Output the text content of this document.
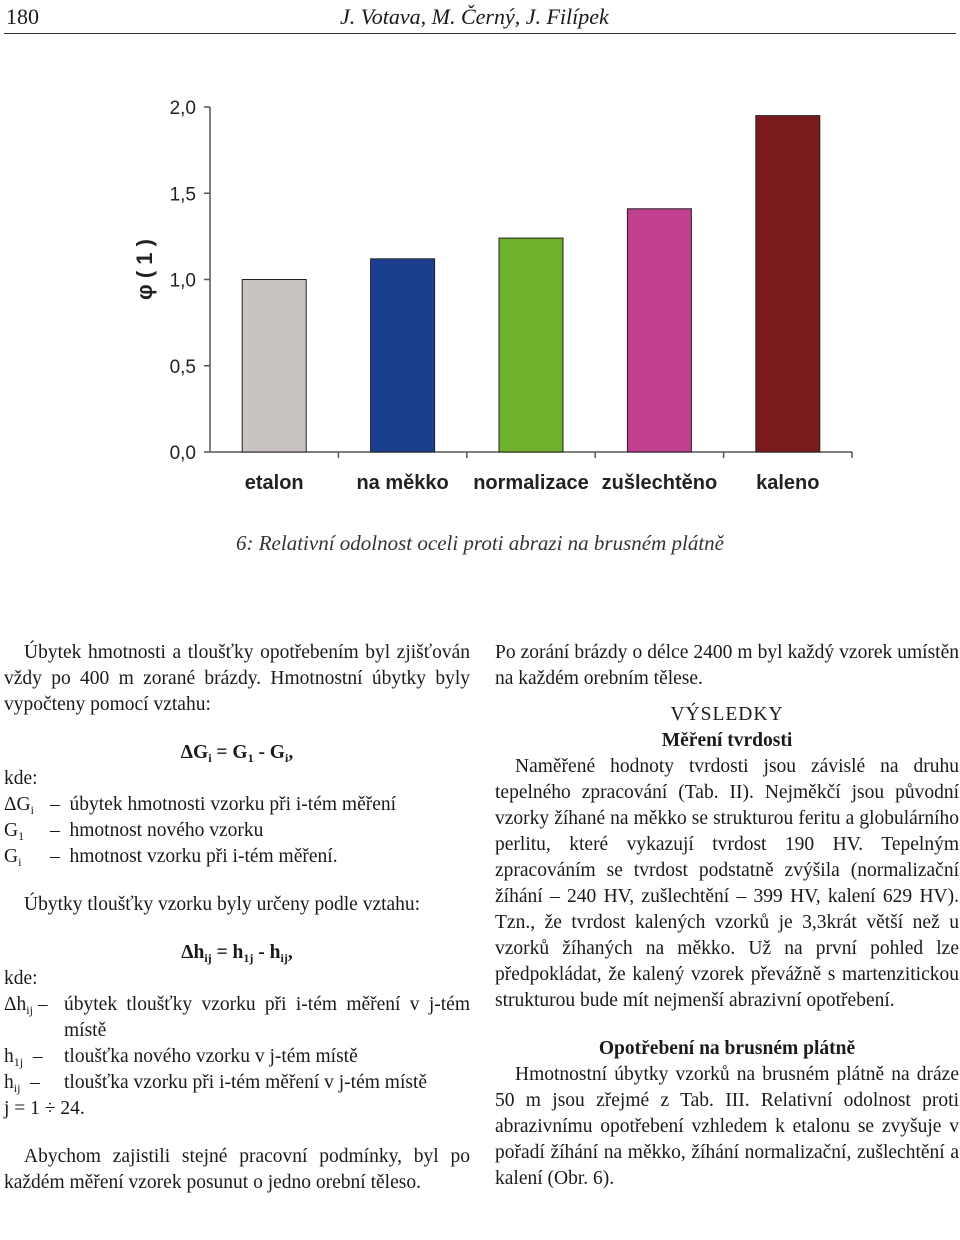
180	J. Votava, M. Černý, J. Filípek
0,0
0,5
1,0
1,5
2,0
φ ( 1 )
etalon	na měkko normalizace zušlechtěno kaleno
6: Relativní odolnost oceli proti abrazi na brusném plátně

Úbytek hmotnosti a tloušťky opotřebením byl zjišťován vždy po 400 m zorané brázdy. Hmotnostní úbytky byly vypočteny pomocí vztahu:

$\Delta G_i = G_1 - G_i$,

kde:

$\Delta G_i$ –  úbytek hmotnosti vzorku při i-tém měření
$G_1$	–  hmotnost nového vzorku
$G_i$	–  hmotnost vzorku při i-tém měření.

Úbytky tloušťky vzorku byly určeny podle vztahu:

$\Delta h_{ij} = h_{1j} - h_{ij}$,

kde:

$\Delta h_{ij}$ – úbytek tloušťky vzorku při i-tém měření v j-tém místě
$h_{1j}$  –	tloušťka nového vzorku v j-tém místě
$h_{ij}$  –	tloušťka vzorku při i-tém měření v j-tém místě

j = 1 ÷ 24.

Abychom zajistili stejné pracovní podmínky, byl po každém měření vzorek posunut o jedno orební těleso.

Po zorání brázdy o délce 2400 m byl každý vzorek umístěn na každém orebním tělese.

VÝSLEDKY

Měření tvrdosti

Naměřené hodnoty tvrdosti jsou závislé na druhu tepelného zpracování (Tab. II). Nejměkčí jsou původní vzorky žíhané na měkko se strukturou feritu a globulárního perlitu, které vykazují tvrdost 190 HV. Tepelným zpracováním se tvrdost podstatně zvýšila (normalizační žíhání – 240 HV, zušlechtění – 399 HV, kalení 629 HV). Tzn., že tvrdost kalených vzorků je 3,3krát větší než u vzorků žíhaných na měkko. Už na první pohled lze předpokládat, že kalený vzorek převážně s martenzitickou strukturou bude mít nejmenší abrazivní opotřebení.

Opotřebení na brusném plátně

Hmotnostní úbytky vzorků na brusném plátně na dráze 50 m jsou zřejmé z Tab. III. Relativní odolnost proti abrazivnímu opotřebení vzhledem k etalonu se zvyšuje v pořadí žíhání na měkko, žíhání normalizační, zušlechtění a kalení (Obr. 6).
